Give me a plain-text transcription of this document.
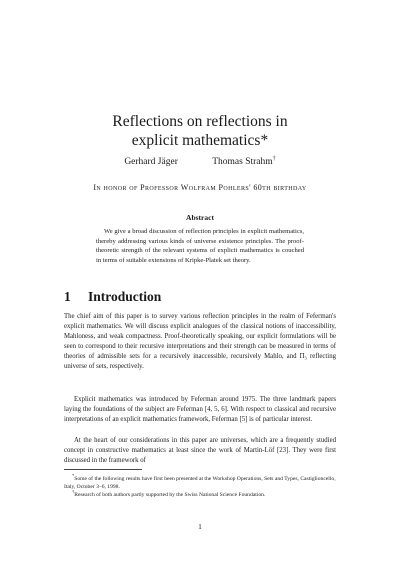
Reflections on reflections in
explicit mathematics*
Gerhard Jäger	Thomas Strahm†
In honor of Professor Wolfram Pohlers' 60th birthday
Abstract

We give a broad discussion of reflection principles in explicit mathematics, thereby addressing various kinds of universe existence principles. The proof-theoretic strength of the relevant systems of explicit mathematics is couched in terms of suitable extensions of Kripke-Platek set theory.

1 Introduction

The chief aim of this paper is to survey various reflection principles in the realm of Feferman's explicit mathematics. We will discuss explicit analogues of the classical notions of inaccessibility, Mahloness, and weak compactness. Proof-theoretically speaking, our explicit formulations will be seen to correspond to their recursive interpretations and their strength can be measured in terms of theories of admissible sets for a recursively inaccessible, recursively Mahlo, and Π₃ reflecting universe of sets, respectively.

Explicit mathematics was introduced by Feferman around 1975. The three landmark papers laying the foundations of the subject are Feferman [4, 5, 6]. With respect to classical and recursive interpretations of an explicit mathematics framework, Feferman [5] is of particular interest.

At the heart of our considerations in this paper are universes, which are a frequently studied concept in constructive mathematics at least since the work of Martin-Löf [23]. They were first discussed in the framework of

*Some of the following results have first been presented at the Workshop Operations, Sets and Types, Castiglioncello, Italy, October 3–6, 1998.

†Research of both authors partly supported by the Swiss National Science Foundation.

1
